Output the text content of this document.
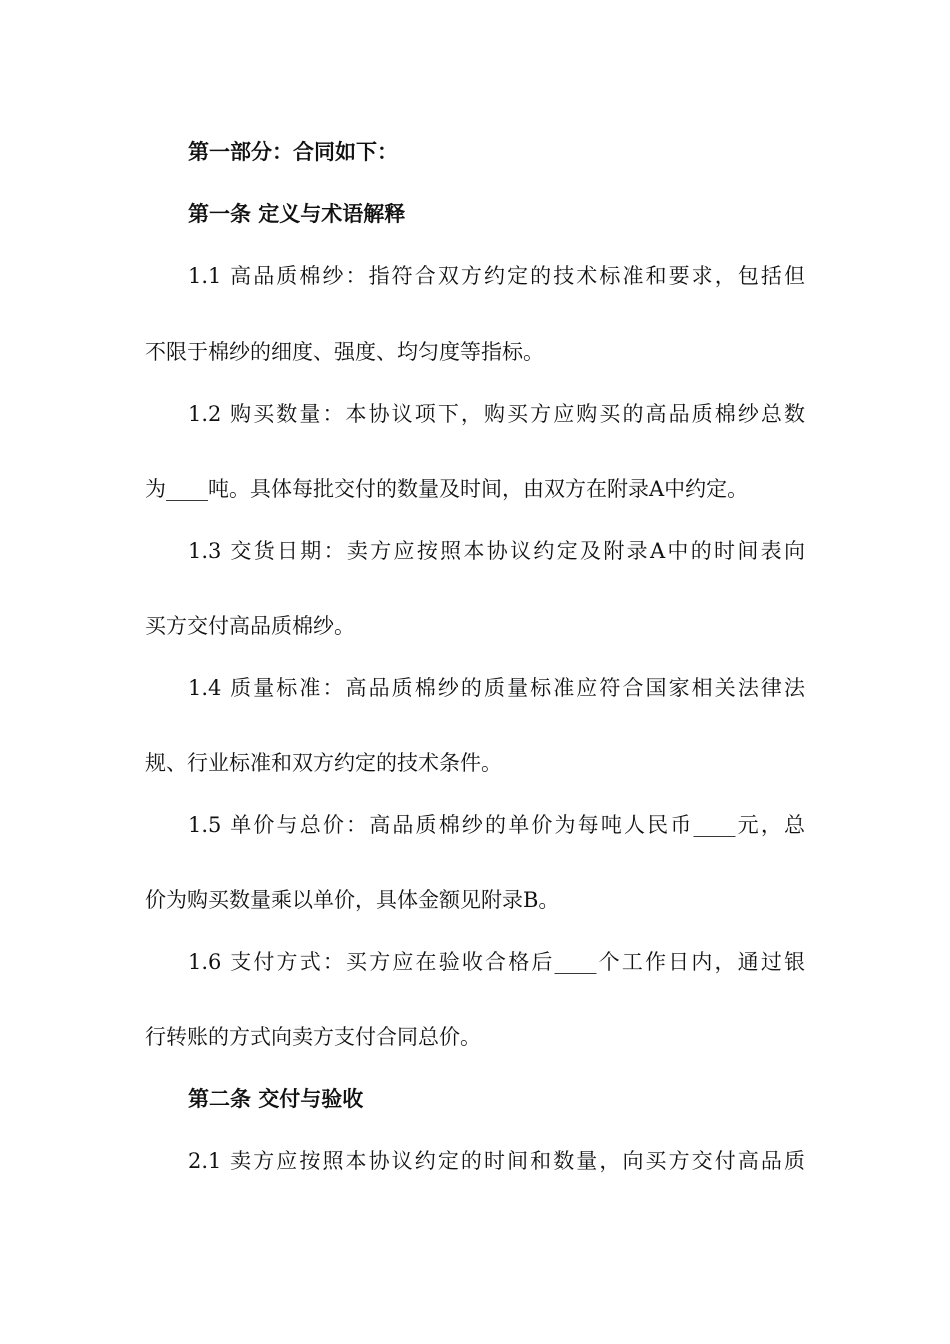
第一部分：合同如下：
第一条 定义与术语解释
1.1 高品质棉纱：指符合双方约定的技术标准和要求，包括但
不限于棉纱的细度、强度、均匀度等指标。
1.2 购买数量：本协议项下，购买方应购买的高品质棉纱总数
为____吨。具体每批交付的数量及时间，由双方在附录A中约定。
1.3 交货日期：卖方应按照本协议约定及附录A中的时间表向
买方交付高品质棉纱。
1.4 质量标准：高品质棉纱的质量标准应符合国家相关法律法
规、行业标准和双方约定的技术条件。
1.5 单价与总价：高品质棉纱的单价为每吨人民币____元，总
价为购买数量乘以单价，具体金额见附录B。
1.6 支付方式：买方应在验收合格后____个工作日内，通过银
行转账的方式向卖方支付合同总价。
第二条 交付与验收
2.1 卖方应按照本协议约定的时间和数量，向买方交付高品质
